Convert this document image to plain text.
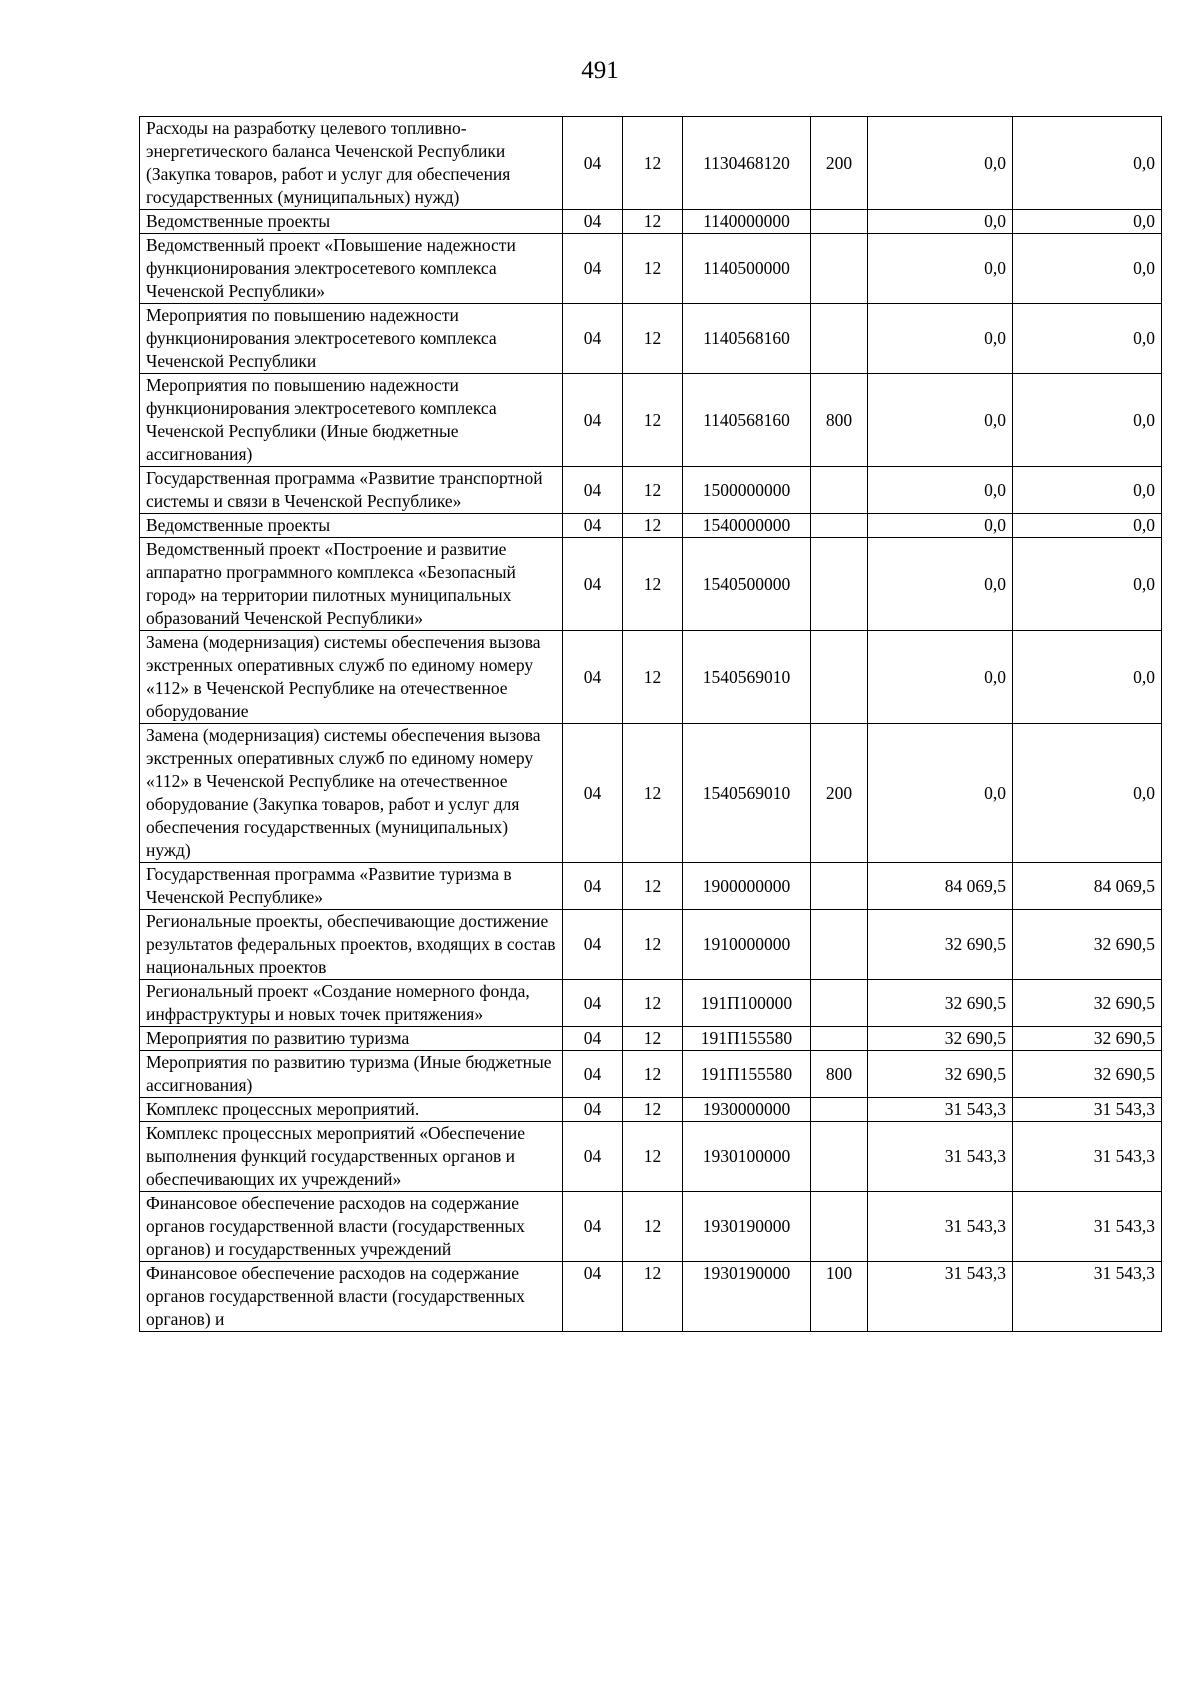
491
Расходы на разработку целевого топливно-энергетического баланса Чеченской Республики (Закупка товаров, работ и услуг для обеспечения государственных (муниципальных) нужд)	04	12	1130468120	200	0,0	0,0
Ведомственные проекты	04	12	1140000000		0,0	0,0
Ведомственный проект «Повышение надежности функционирования электросетевого комплекса Чеченской Республики»	04	12	1140500000		0,0	0,0
Мероприятия по повышению надежности функционирования электросетевого комплекса Чеченской Республики	04	12	1140568160		0,0	0,0
Мероприятия по повышению надежности функционирования электросетевого комплекса Чеченской Республики (Иные бюджетные ассигнования)	04	12	1140568160	800	0,0	0,0
Государственная программа «Развитие транспортной системы и связи в Чеченской Республике»	04	12	1500000000		0,0	0,0
Ведомственные проекты	04	12	1540000000		0,0	0,0
Ведомственный проект «Построение и развитие аппаратно программного комплекса «Безопасный город» на территории пилотных муниципальных образований Чеченской Республики»	04	12	1540500000		0,0	0,0
Замена (модернизация) системы обеспечения вызова экстренных оперативных служб по единому номеру «112» в Чеченской Республике на отечественное оборудование	04	12	1540569010		0,0	0,0
Замена (модернизация) системы обеспечения вызова экстренных оперативных служб по единому номеру «112» в Чеченской Республике на отечественное оборудование (Закупка товаров, работ и услуг для обеспечения государственных (муниципальных) нужд)	04	12	1540569010	200	0,0	0,0
Государственная программа «Развитие туризма в Чеченской Республике»	04	12	1900000000		84 069,5	84 069,5
Региональные проекты, обеспечивающие достижение результатов федеральных проектов, входящих в состав национальных проектов	04	12	1910000000		32 690,5	32 690,5
Региональный проект «Создание номерного фонда, инфраструктуры и новых точек притяжения»	04	12	191П100000		32 690,5	32 690,5
Мероприятия по развитию туризма	04	12	191П155580		32 690,5	32 690,5
Мероприятия по развитию туризма (Иные бюджетные ассигнования)	04	12	191П155580	800	32 690,5	32 690,5
Комплекс процессных мероприятий.	04	12	1930000000		31 543,3	31 543,3
Комплекс процессных мероприятий «Обеспечение выполнения функций государственных органов и обеспечивающих их учреждений»	04	12	1930100000		31 543,3	31 543,3
Финансовое обеспечение расходов на содержание органов государственной власти (государственных органов) и государственных учреждений	04	12	1930190000		31 543,3	31 543,3
Финансовое обеспечение расходов на содержание органов государственной власти (государственных органов) и	04	12	1930190000	100	31 543,3	31 543,3
